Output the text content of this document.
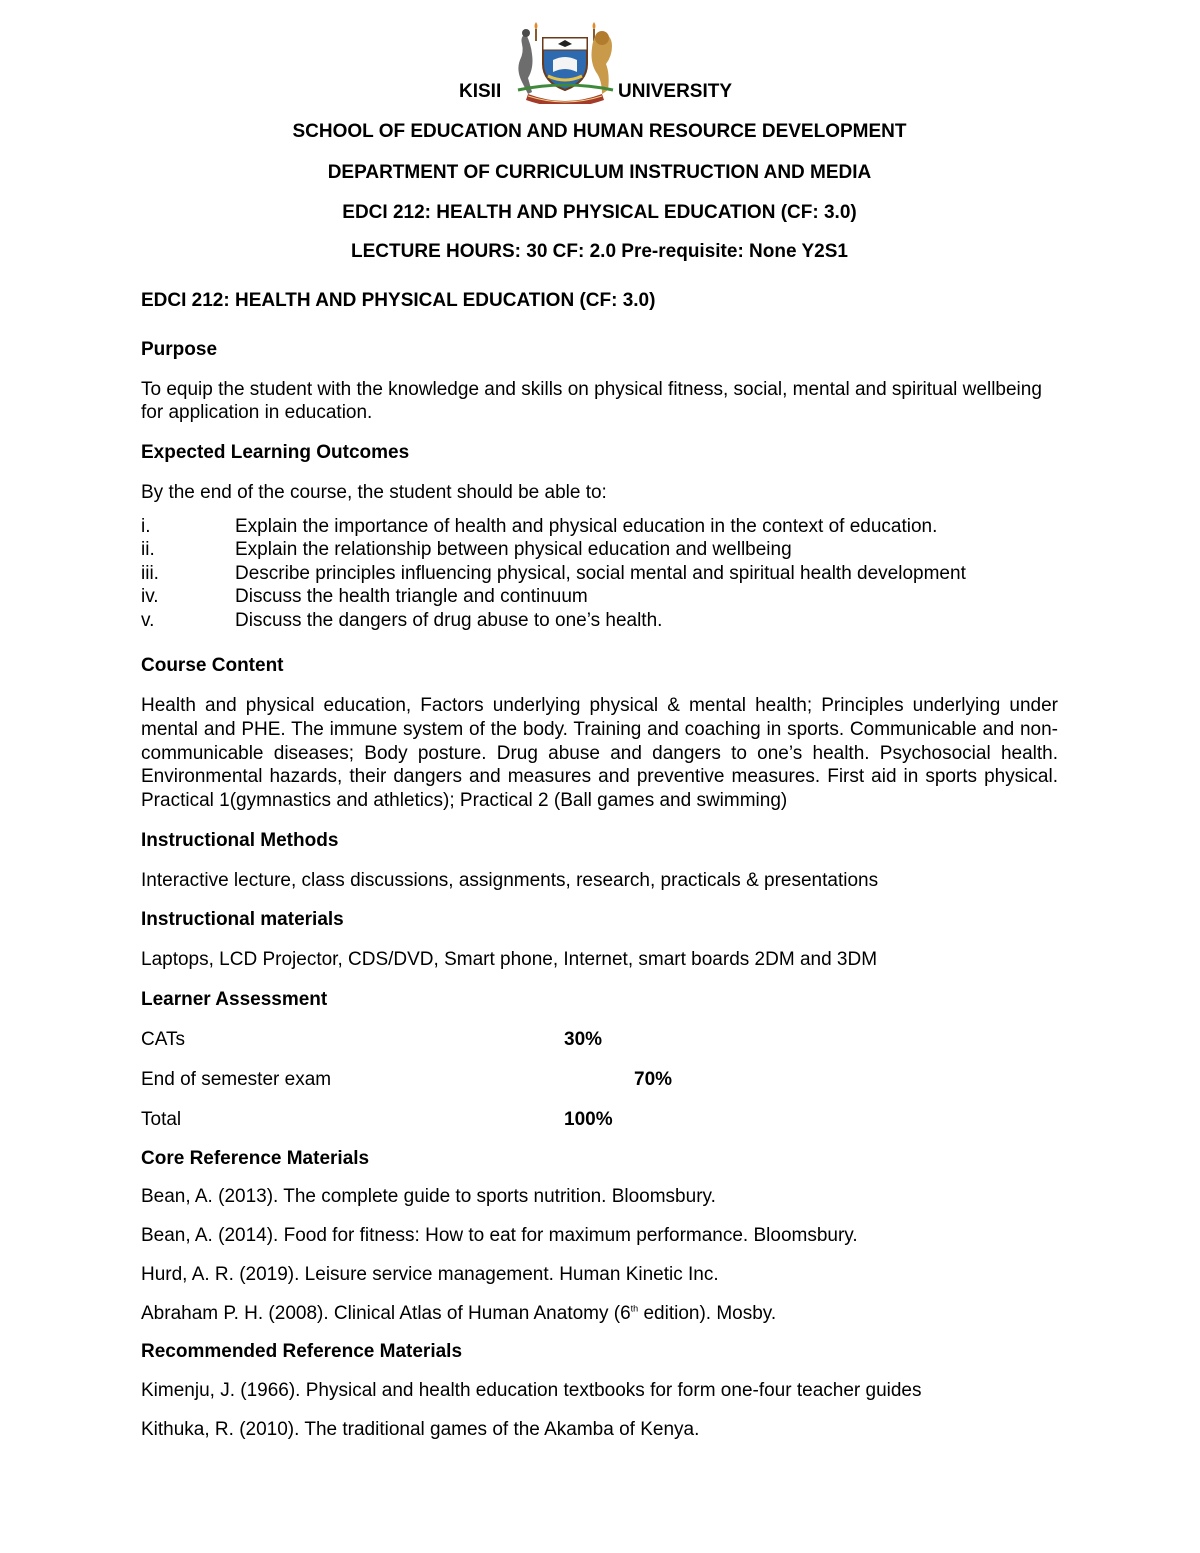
KISII	UNIVERSITY

SCHOOL OF EDUCATION AND HUMAN RESOURCE DEVELOPMENT

DEPARTMENT OF CURRICULUM INSTRUCTION AND MEDIA

EDCI 212: HEALTH AND PHYSICAL EDUCATION (CF: 3.0)

LECTURE HOURS: 30 CF: 2.0 Pre-requisite: None Y2S1

EDCI 212: HEALTH AND PHYSICAL EDUCATION (CF: 3.0)

Purpose

To equip the student with the knowledge and skills on physical fitness, social, mental and spiritual wellbeing for application in education.

Expected Learning Outcomes

By the end of the course, the student should be able to:

i.	Explain the importance of health and physical education in the context of education.
ii.	Explain the relationship between physical education and wellbeing
iii.	Describe principles influencing physical, social mental and spiritual health development
iv.	Discuss the health triangle and continuum
v.	Discuss the dangers of drug abuse to one’s health.

Course Content

Health and physical education, Factors underlying physical & mental health; Principles underlying under mental and PHE. The immune system of the body. Training and coaching in sports. Communicable and non-communicable diseases; Body posture. Drug abuse and dangers to one’s health. Psychosocial health. Environmental hazards, their dangers and measures and preventive measures. First aid in sports physical. Practical 1(gymnastics and athletics); Practical 2 (Ball games and swimming)

Instructional Methods

Interactive lecture, class discussions, assignments, research, practicals & presentations

Instructional materials

Laptops, LCD Projector, CDS/DVD, Smart phone, Internet, smart boards 2DM and 3DM

Learner Assessment

CATs	30%
End of semester exam	70%
Total	100%

Core Reference Materials

Bean, A. (2013). The complete guide to sports nutrition. Bloomsbury.

Bean, A. (2014). Food for fitness: How to eat for maximum performance. Bloomsbury.

Hurd, A. R. (2019). Leisure service management. Human Kinetic Inc.

Abraham P. H. (2008). Clinical Atlas of Human Anatomy (6th edition). Mosby.

Recommended Reference Materials

Kimenju, J. (1966). Physical and health education textbooks for form one-four teacher guides

Kithuka, R. (2010). The traditional games of the Akamba of Kenya.
